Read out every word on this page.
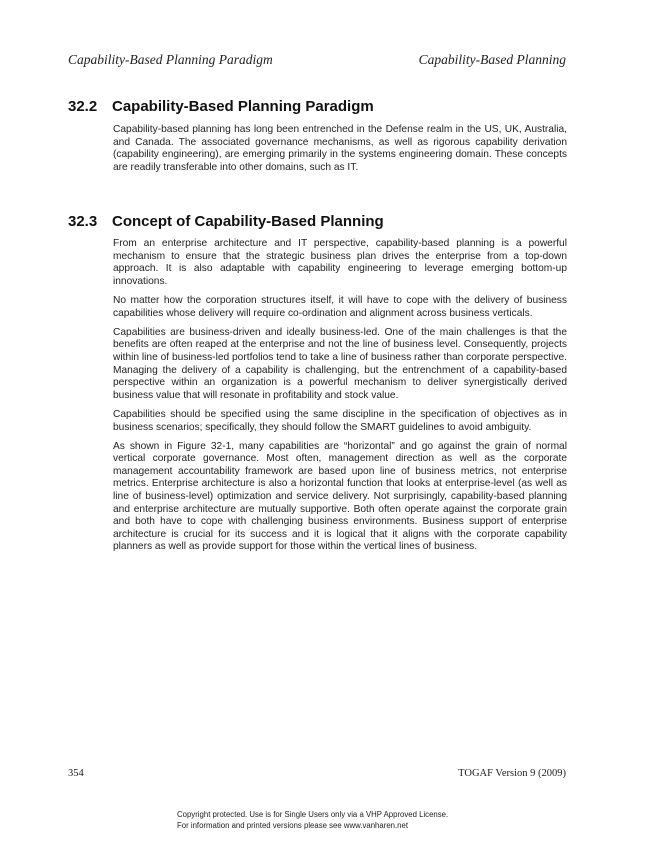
Capability-Based Planning Paradigm	Capability-Based Planning
32.2 Capability-Based Planning Paradigm

Capability-based planning has long been entrenched in the Defense realm in the US, UK, Australia, and Canada. The associated governance mechanisms, as well as rigorous capability derivation (capability engineering), are emerging primarily in the systems engineering domain. These concepts are readily transferable into other domains, such as IT.

32.3 Concept of Capability-Based Planning

From an enterprise architecture and IT perspective, capability-based planning is a powerful mechanism to ensure that the strategic business plan drives the enterprise from a top-down approach. It is also adaptable with capability engineering to leverage emerging bottom-up innovations.

No matter how the corporation structures itself, it will have to cope with the delivery of business capabilities whose delivery will require co-ordination and alignment across business verticals.

Capabilities are business-driven and ideally business-led. One of the main challenges is that the benefits are often reaped at the enterprise and not the line of business level. Consequently, projects within line of business-led portfolios tend to take a line of business rather than corporate perspective. Managing the delivery of a capability is challenging, but the entrenchment of a capability-based perspective within an organization is a powerful mechanism to deliver synergistically derived business value that will resonate in profitability and stock value.

Capabilities should be specified using the same discipline in the specification of objectives as in business scenarios; specifically, they should follow the SMART guidelines to avoid ambiguity.

As shown in Figure 32-1, many capabilities are “horizontal” and go against the grain of normal vertical corporate governance. Most often, management direction as well as the corporate management accountability framework are based upon line of business metrics, not enterprise metrics. Enterprise architecture is also a horizontal function that looks at enterprise-level (as well as line of business-level) optimization and service delivery. Not surprisingly, capability-based planning and enterprise architecture are mutually supportive. Both often operate against the corporate grain and both have to cope with challenging business environments. Business support of enterprise architecture is crucial for its success and it is logical that it aligns with the corporate capability planners as well as provide support for those within the vertical lines of business.

354	TOGAF Version 9 (2009)
Copyright protected. Use is for Single Users only via a VHP Approved License.
For information and printed versions please see www.vanharen.net
